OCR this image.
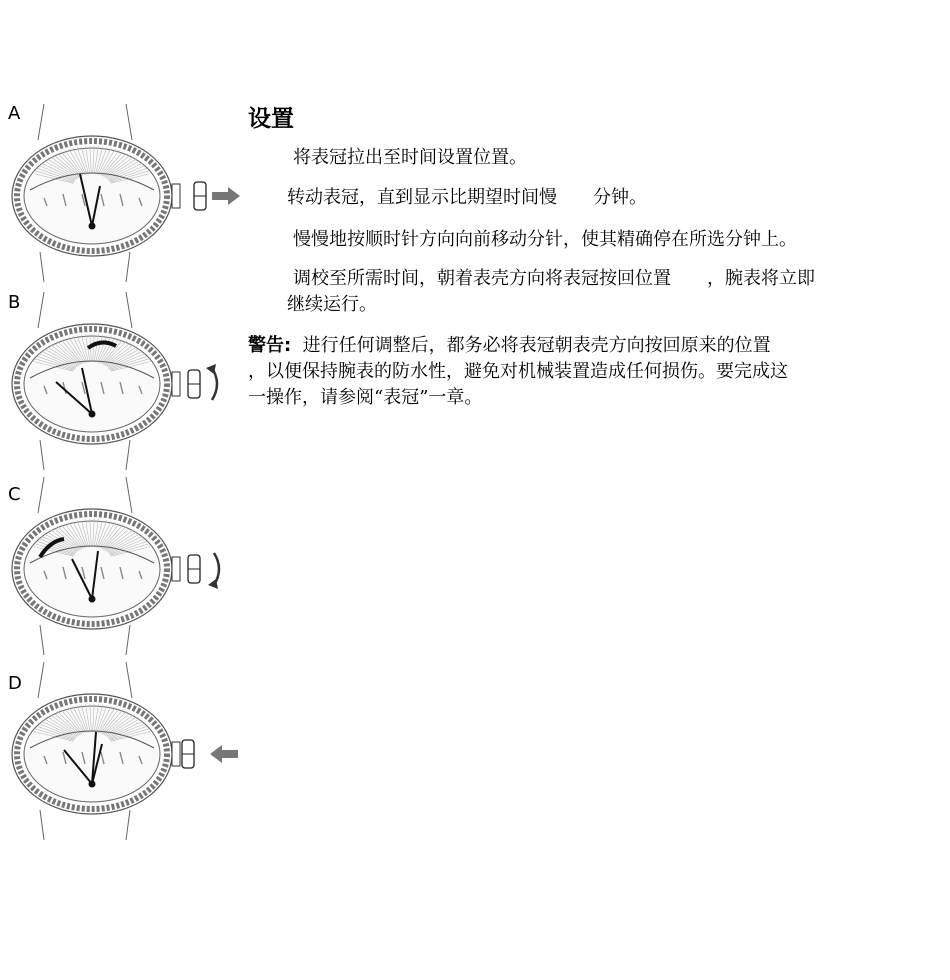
A
B
C
D
设置
将表冠拉出至时间设置位置。
转动表冠，直到显示比期望时间慢　　分钟。
慢慢地按顺时针方向向前移动分针，使其精确停在所选分钟上。
调校至所需时间，朝着表壳方向将表冠按回位置　　，腕表将立即
继续运行。
警告: 进行任何调整后，都务必将表冠朝表壳方向按回原来的位置
，以便保持腕表的防水性，避免对机械装置造成任何损伤。要完成这
一操作，请参阅“表冠”一章。
